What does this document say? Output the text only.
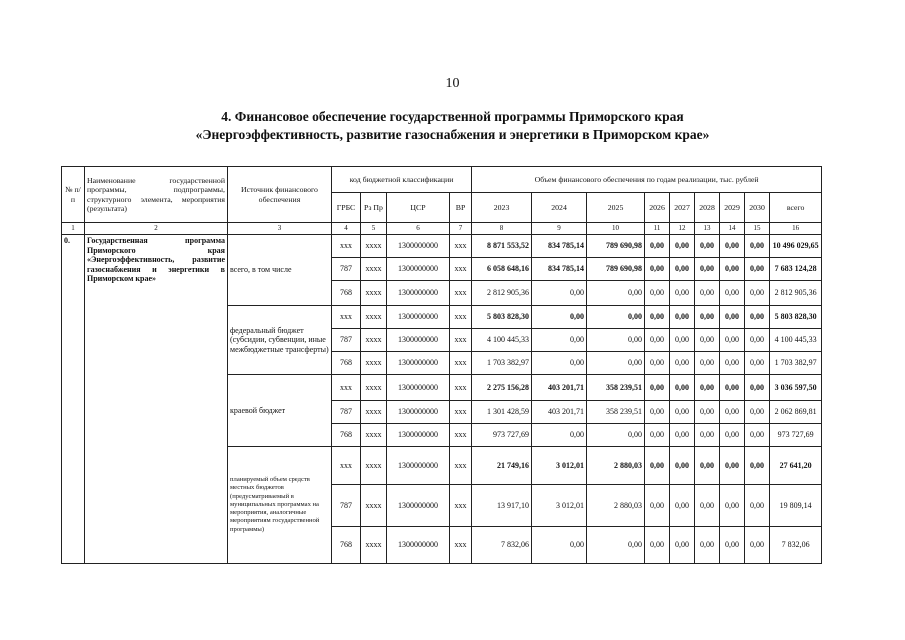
10
4. Финансовое обеспечение государственной программы Приморского края
«Энергоэффективность, развитие газоснабжения и энергетики в Приморском крае»
№ п/п	Наименование государственной программы, подпрограммы, структурного элемента, мероприятия (результата)	Источник финансового обеспечения	код бюджетной классификации				Объем финансового обеспечения по годам реализации, тыс. рублей								
			ГРБС	Рз Пр	ЦСР	ВР	2023	2024	2025	2026	2027	2028	2029	2030	всего
1	2	3	4	5	6	7	8	9	10	11	12	13	14	15	16
0.	Государственная программа Приморского края «Энергоэффективность, развитие газоснабжения и энергетики в Приморском крае»	всего, в том числе	ххх	хххх	1300000000	ххх	8 871 553,52	834 785,14	789 690,98	0,00	0,00	0,00	0,00	0,00	10 496 029,65
			787	хххх	1300000000	ххх	6 058 648,16	834 785,14	789 690,98	0,00	0,00	0,00	0,00	0,00	7 683 124,28
			768	хххх	1300000000	ххх	2 812 905,36	0,00	0,00	0,00	0,00	0,00	0,00	0,00	2 812 905,36
		федеральный бюджет (субсидии, субвенции, иные межбюджетные трансферты)	ххх	хххх	1300000000	ххх	5 803 828,30	0,00	0,00	0,00	0,00	0,00	0,00	0,00	5 803 828,30
			787	хххх	1300000000	ххх	4 100 445,33	0,00	0,00	0,00	0,00	0,00	0,00	0,00	4 100 445,33
			768	хххх	1300000000	ххх	1 703 382,97	0,00	0,00	0,00	0,00	0,00	0,00	0,00	1 703 382,97
		краевой бюджет	ххх	хххх	1300000000	ххх	2 275 156,28	403 201,71	358 239,51	0,00	0,00	0,00	0,00	0,00	3 036 597,50
			787	хххх	1300000000	ххх	1 301 428,59	403 201,71	358 239,51	0,00	0,00	0,00	0,00	0,00	2 062 869,81
			768	хххх	1300000000	ххх	973 727,69	0,00	0,00	0,00	0,00	0,00	0,00	0,00	973 727,69
		планируемый объем средств местных бюджетов (предусматриваемый в муниципальных программах на мероприятия, аналогичные мероприятиям государственной программы)	ххх	хххх	1300000000	ххх	21 749,16	3 012,01	2 880,03	0,00	0,00	0,00	0,00	0,00	27 641,20
			787	хххх	1300000000	ххх	13 917,10	3 012,01	2 880,03	0,00	0,00	0,00	0,00	0,00	19 809,14
			768	хххх	1300000000	ххх	7 832,06	0,00	0,00	0,00	0,00	0,00	0,00	0,00	7 832,06
